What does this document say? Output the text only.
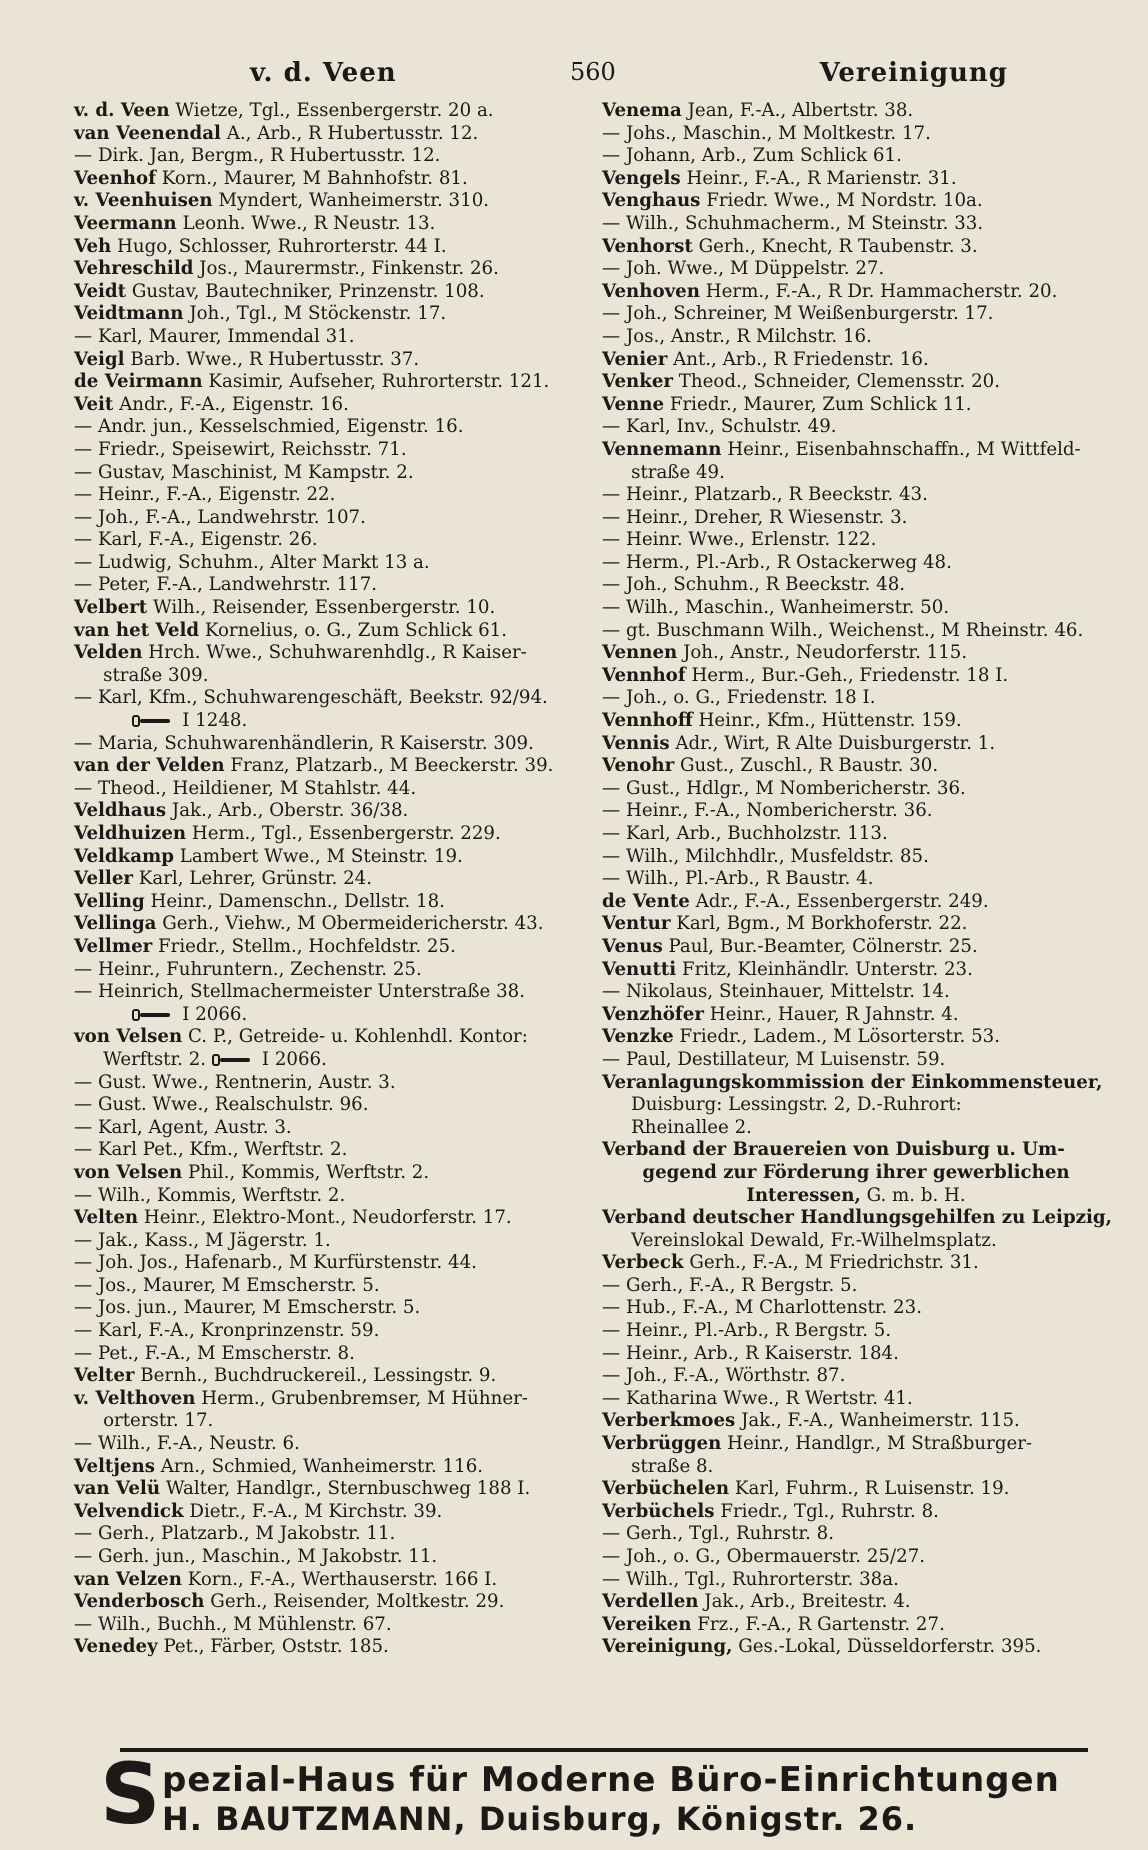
v. d. Veen	560	Vereinigung
v. d. Veen Wietze, Tgl., Essenbergerstr. 20 a.
van Veenendal A., Arb., R Hubertusstr. 12.
— Dirk. Jan, Bergm., R Hubertusstr. 12.
Veenhof Korn., Maurer, M Bahnhofstr. 81.
v. Veenhuisen Myndert, Wanheimerstr. 310.
Veermann Leonh. Wwe., R Neustr. 13.
Veh Hugo, Schlosser, Ruhrorterstr. 44 I.
Vehreschild Jos., Maurermstr., Finkenstr. 26.
Veidt Gustav, Bautechniker, Prinzenstr. 108.
Veidtmann Joh., Tgl., M Stöckenstr. 17.
— Karl, Maurer, Immendal 31.
Veigl Barb. Wwe., R Hubertusstr. 37.
de Veirmann Kasimir, Aufseher, Ruhrorterstr. 121.
Veit Andr., F.-A., Eigenstr. 16.
— Andr. jun., Kesselschmied, Eigenstr. 16.
— Friedr., Speisewirt, Reichsstr. 71.
— Gustav, Maschinist, M Kampstr. 2.
— Heinr., F.-A., Eigenstr. 22.
— Joh., F.-A., Landwehrstr. 107.
— Karl, F.-A., Eigenstr. 26.
— Ludwig, Schuhm., Alter Markt 13 a.
— Peter, F.-A., Landwehrstr. 117.
Velbert Wilh., Reisender, Essenbergerstr. 10.
van het Veld Kornelius, o. G., Zum Schlick 61.
Velden Hrch. Wwe., Schuhwarenhdlg., R Kaiser-
straße 309.
— Karl, Kfm., Schuhwarengeschäft, Beekstr. 92/94.
I 1248.
— Maria, Schuhwarenhändlerin, R Kaiserstr. 309.
van der Velden Franz, Platzarb., M Beeckerstr. 39.
— Theod., Heildiener, M Stahlstr. 44.
Veldhaus Jak., Arb., Oberstr. 36/38.
Veldhuizen Herm., Tgl., Essenbergerstr. 229.
Veldkamp Lambert Wwe., M Steinstr. 19.
Veller Karl, Lehrer, Grünstr. 24.
Velling Heinr., Damenschn., Dellstr. 18.
Vellinga Gerh., Viehw., M Obermeidericherstr. 43.
Vellmer Friedr., Stellm., Hochfeldstr. 25.
— Heinr., Fuhruntern., Zechenstr. 25.
— Heinrich, Stellmachermeister Unterstraße 38.
I 2066.
von Velsen C. P., Getreide- u. Kohlenhdl. Kontor:
Werftstr. 2.	I 2066.
— Gust. Wwe., Rentnerin, Austr. 3.
— Gust. Wwe., Realschulstr. 96.
— Karl, Agent, Austr. 3.
— Karl Pet., Kfm., Werftstr. 2.
von Velsen Phil., Kommis, Werftstr. 2.
— Wilh., Kommis, Werftstr. 2.
Velten Heinr., Elektro-Mont., Neudorferstr. 17.
— Jak., Kass., M Jägerstr. 1.
— Joh. Jos., Hafenarb., M Kurfürstenstr. 44.
— Jos., Maurer, M Emscherstr. 5.
— Jos. jun., Maurer, M Emscherstr. 5.
— Karl, F.-A., Kronprinzenstr. 59.
— Pet., F.-A., M Emscherstr. 8.
Velter Bernh., Buchdruckereil., Lessingstr. 9.
v. Velthoven Herm., Grubenbremser, M Hühner-
orterstr. 17.
— Wilh., F.-A., Neustr. 6.
Veltjens Arn., Schmied, Wanheimerstr. 116.
van Velü Walter, Handlgr., Sternbuschweg 188 I.
Velvendick Dietr., F.-A., M Kirchstr. 39.
— Gerh., Platzarb., M Jakobstr. 11.
— Gerh. jun., Maschin., M Jakobstr. 11.
van Velzen Korn., F.-A., Werthauserstr. 166 I.
Venderbosch Gerh., Reisender, Moltkestr. 29.
— Wilh., Buchh., M Mühlenstr. 67.
Venedey Pet., Färber, Oststr. 185.
Venema Jean, F.-A., Albertstr. 38.
— Johs., Maschin., M Moltkestr. 17.
— Johann, Arb., Zum Schlick 61.
Vengels Heinr., F.-A., R Marienstr. 31.
Venghaus Friedr. Wwe., M Nordstr. 10a.
— Wilh., Schuhmacherm., M Steinstr. 33.
Venhorst Gerh., Knecht, R Taubenstr. 3.
— Joh. Wwe., M Düppelstr. 27.
Venhoven Herm., F.-A., R Dr. Hammacherstr. 20.
— Joh., Schreiner, M Weißenburgerstr. 17.
— Jos., Anstr., R Milchstr. 16.
Venier Ant., Arb., R Friedenstr. 16.
Venker Theod., Schneider, Clemensstr. 20.
Venne Friedr., Maurer, Zum Schlick 11.
— Karl, Inv., Schulstr. 49.
Vennemann Heinr., Eisenbahnschaffn., M Wittfeld-
straße 49.
— Heinr., Platzarb., R Beeckstr. 43.
— Heinr., Dreher, R Wiesenstr. 3.
— Heinr. Wwe., Erlenstr. 122.
— Herm., Pl.-Arb., R Ostackerweg 48.
— Joh., Schuhm., R Beeckstr. 48.
— Wilh., Maschin., Wanheimerstr. 50.
— gt. Buschmann Wilh., Weichenst., M Rheinstr. 46.
Vennen Joh., Anstr., Neudorferstr. 115.
Vennhof Herm., Bur.-Geh., Friedenstr. 18 I.
— Joh., o. G., Friedenstr. 18 I.
Vennhoff Heinr., Kfm., Hüttenstr. 159.
Vennis Adr., Wirt, R Alte Duisburgerstr. 1.
Venohr Gust., Zuschl., R Baustr. 30.
— Gust., Hdlgr., M Nombericherstr. 36.
— Heinr., F.-A., Nombericherstr. 36.
— Karl, Arb., Buchholzstr. 113.
— Wilh., Milchhdlr., Musfeldstr. 85.
— Wilh., Pl.-Arb., R Baustr. 4.
de Vente Adr., F.-A., Essenbergerstr. 249.
Ventur Karl, Bgm., M Borkhoferstr. 22.
Venus Paul, Bur.-Beamter, Cölnerstr. 25.
Venutti Fritz, Kleinhändlr. Unterstr. 23.
— Nikolaus, Steinhauer, Mittelstr. 14.
Venzhöfer Heinr., Hauer, R Jahnstr. 4.
Venzke Friedr., Ladem., M Lösorterstr. 53.
— Paul, Destillateur, M Luisenstr. 59.
Veranlagungskommission der Einkommensteuer,
Duisburg: Lessingstr. 2, D.-Ruhrort:
Rheinallee 2.
Verband der Brauereien von Duisburg u. Um-
gegend zur Förderung ihrer gewerblichen
Interessen, G. m. b. H.
Verband deutscher Handlungsgehilfen zu Leipzig,
Vereinslokal Dewald, Fr.-Wilhelmsplatz.
Verbeck Gerh., F.-A., M Friedrichstr. 31.
— Gerh., F.-A., R Bergstr. 5.
— Hub., F.-A., M Charlottenstr. 23.
— Heinr., Pl.-Arb., R Bergstr. 5.
— Heinr., Arb., R Kaiserstr. 184.
— Joh., F.-A., Wörthstr. 87.
— Katharina Wwe., R Wertstr. 41.
Verberkmoes Jak., F.-A., Wanheimerstr. 115.
Verbrüggen Heinr., Handlgr., M Straßburger-
straße 8.
Verbüchelen Karl, Fuhrm., R Luisenstr. 19.
Verbüchels Friedr., Tgl., Ruhrstr. 8.
— Gerh., Tgl., Ruhrstr. 8.
— Joh., o. G., Obermauerstr. 25/27.
— Wilh., Tgl., Ruhrorterstr. 38a.
Verdellen Jak., Arb., Breitestr. 4.
Vereiken Frz., F.-A., R Gartenstr. 27.
Vereinigung, Ges.-Lokal, Düsseldorferstr. 395.
S pezial-Haus für Moderne Büro-Einrichtungen
H. BAUTZMANN, Duisburg, Königstr. 26.
